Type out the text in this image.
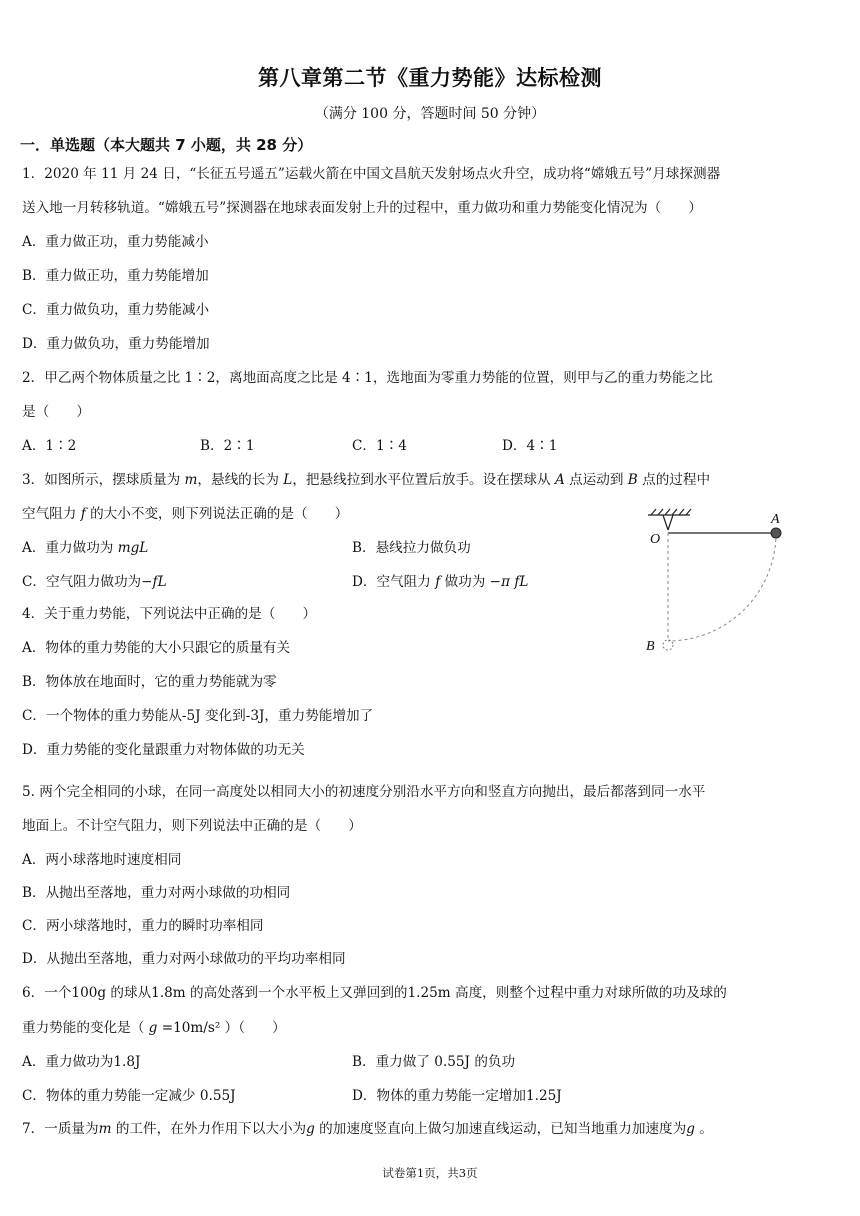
第八章第二节《重力势能》达标检测
（满分 100 分，答题时间 50 分钟）
一．单选题（本大题共 7 小题，共 28 分）
1．2020 年 11 月 24 日，“长征五号遥五”运载火箭在中国文昌航天发射场点火升空，成功将“嫦娥五号”月球探测器
送入地一月转移轨道。“嫦娥五号”探测器在地球表面发射上升的过程中，重力做功和重力势能变化情况为（　　）
A．重力做正功，重力势能减小
B．重力做正功，重力势能增加
C．重力做负功，重力势能减小
D．重力做负功，重力势能增加
2．甲乙两个物体质量之比 1∶2，离地面高度之比是 4∶1，选地面为零重力势能的位置，则甲与乙的重力势能之比
是（　　）
A．1∶2	B．2∶1	C．1∶4	D．4∶1
3．如图所示，摆球质量为 m，悬线的长为 L，把悬线拉到水平位置后放手。设在摆球从 A 点运动到 B 点的过程中
空气阻力 f 的大小不变，则下列说法正确的是（　　）
A．重力做功为 mgL	B．悬线拉力做负功
C．空气阻力做功为−fL	D．空气阻力 f 做功为 −π fL
O
A
B
4．关于重力势能，下列说法中正确的是（　　）
A．物体的重力势能的大小只跟它的质量有关
B．物体放在地面时，它的重力势能就为零
C．一个物体的重力势能从-5J 变化到-3J，重力势能增加了
D．重力势能的变化量跟重力对物体做的功无关
5. 两个完全相同的小球，在同一高度处以相同大小的初速度分别沿水平方向和竖直方向抛出，最后都落到同一水平
地面上。不计空气阻力，则下列说法中正确的是（　　）
A．两小球落地时速度相同
B．从抛出至落地，重力对两小球做的功相同
C．两小球落地时，重力的瞬时功率相同
D．从抛出至落地，重力对两小球做功的平均功率相同
6．一个100g 的球从1.8m 的高处落到一个水平板上又弹回到的1.25m 高度，则整个过程中重力对球所做的功及球的
重力势能的变化是（ g =10m/s² ）（　　）
A．重力做功为1.8J	B．重力做了 0.55J 的负功
C．物体的重力势能一定减少 0.55J	D．物体的重力势能一定增加1.25J
7．一质量为m 的工件，在外力作用下以大小为g 的加速度竖直向上做匀加速直线运动，已知当地重力加速度为g 。
试卷第1页，共3页
